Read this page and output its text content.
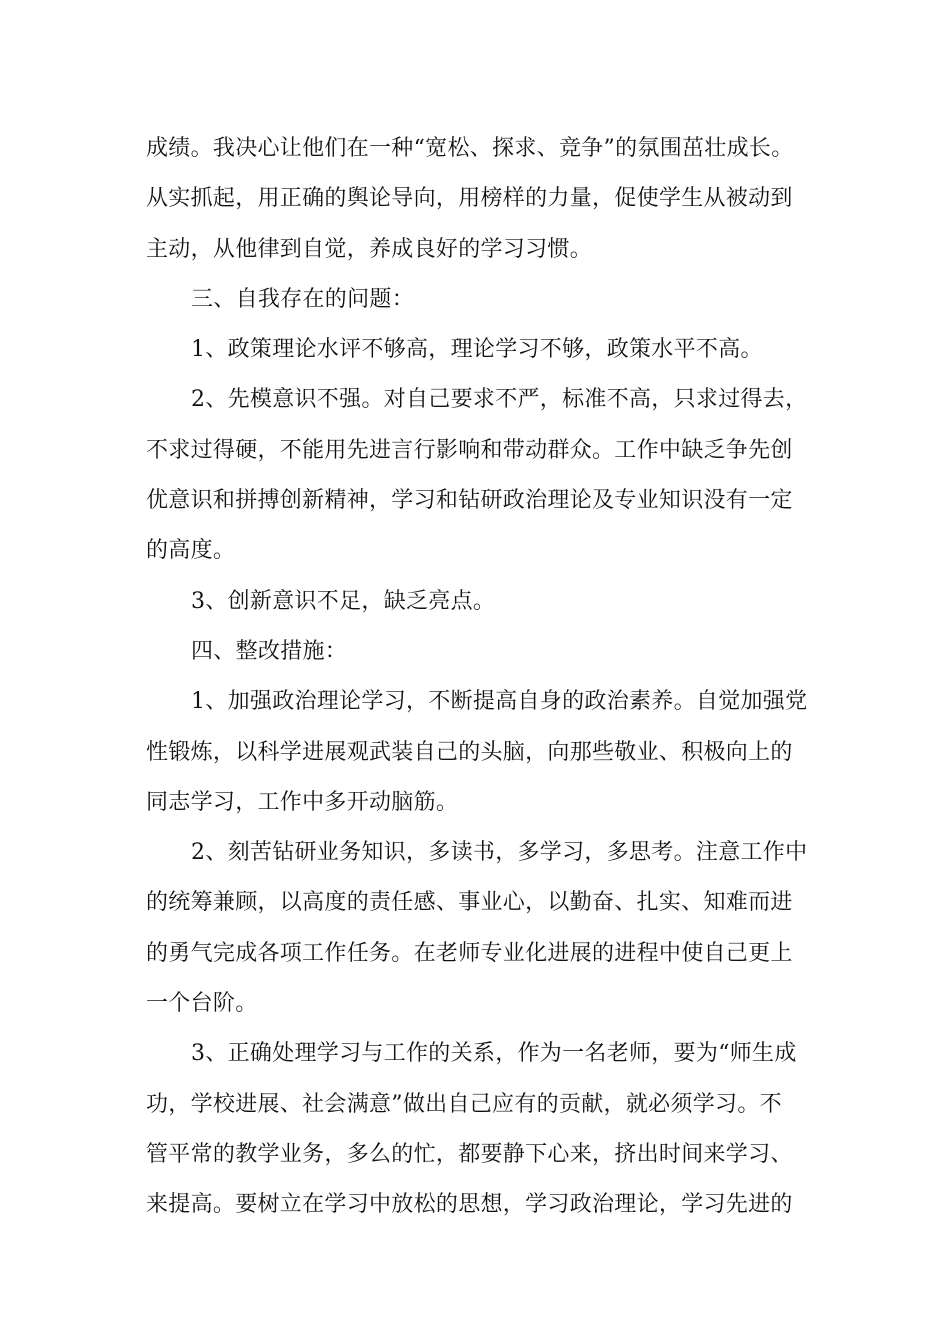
成绩。我决心让他们在一种“宽松、探求、竞争”的氛围茁壮成长。
从实抓起，用正确的舆论导向，用榜样的力量，促使学生从被动到
主动，从他律到自觉，养成良好的学习习惯。
三、自我存在的问题：
1、政策理论水评不够高，理论学习不够，政策水平不高。
2、先模意识不强。对自己要求不严，标准不高，只求过得去，
不求过得硬，不能用先进言行影响和带动群众。工作中缺乏争先创
优意识和拼搏创新精神，学习和钻研政治理论及专业知识没有一定
的高度。
3、创新意识不足，缺乏亮点。
四、整改措施：
1、加强政治理论学习，不断提高自身的政治素养。自觉加强党
性锻炼，以科学进展观武装自己的头脑，向那些敬业、积极向上的
同志学习，工作中多开动脑筋。
2、刻苦钻研业务知识，多读书，多学习，多思考。注意工作中
的统筹兼顾，以高度的责任感、事业心，以勤奋、扎实、知难而进
的勇气完成各项工作任务。在老师专业化进展的进程中使自己更上
一个台阶。
3、正确处理学习与工作的关系，作为一名老师，要为“师生成
功，学校进展、社会满意”做出自己应有的贡献，就必须学习。不
管平常的教学业务，多么的忙，都要静下心来，挤出时间来学习、
来提高。要树立在学习中放松的思想，学习政治理论，学习先进的
